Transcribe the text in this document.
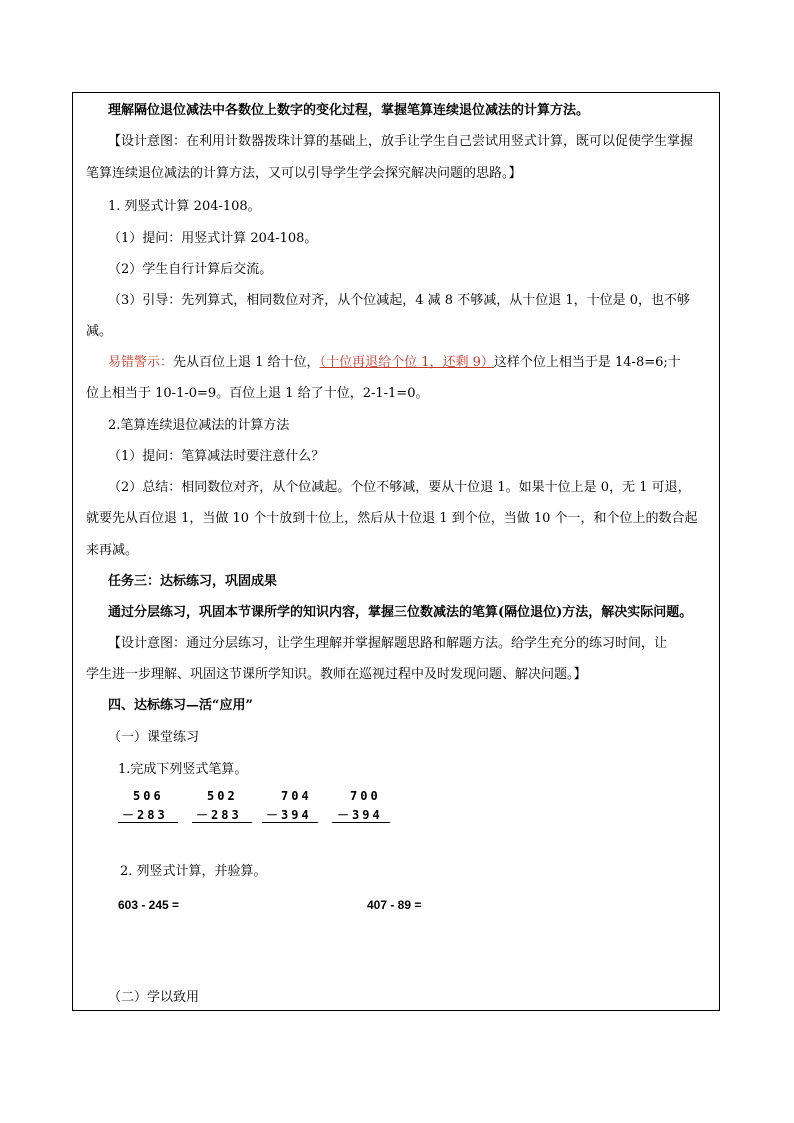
理解隔位退位减法中各数位上数字的变化过程，掌握笔算连续退位减法的计算方法。
【设计意图：在利用计数器拨珠计算的基础上，放手让学生自己尝试用竖式计算，既可以促使学生掌握
笔算连续退位减法的计算方法，又可以引导学生学会探究解决问题的思路。】
1. 列竖式计算 204-108。
（1）提问：用竖式计算 204-108。
（2）学生自行计算后交流。
（3）引导：先列算式，相同数位对齐，从个位减起，4 减 8 不够减，从十位退 1，十位是 0，也不够
减。
易错警示：先从百位上退 1 给十位，（十位再退给个位 1，还剩 9）这样个位上相当于是 14-8=6;十
位上相当于 10-1-0=9。百位上退 1 给了十位，2-1-1=0。
2.笔算连续退位减法的计算方法
（1）提问：笔算减法时要注意什么？
（2）总结：相同数位对齐，从个位减起。个位不够减，要从十位退 1。如果十位上是 0，无 1 可退，
就要先从百位退 1，当做 10 个十放到十位上，然后从十位退 1 到个位，当做 10 个一，和个位上的数合起
来再减。
任务三：达标练习，巩固成果
通过分层练习，巩固本节课所学的知识内容，掌握三位数减法的笔算(隔位退位)方法，解决实际问题。
【设计意图：通过分层练习，让学生理解并掌握解题思路和解题方法。给学生充分的练习时间，让
学生进一步理解、巩固这节课所学知识。教师在巡视过程中及时发现问题、解决问题。】
四、达标练习—活“应用”
（一）课堂练习
1.完成下列竖式笔算。
506
－283
502
－283
704
－394
700
－394
2. 列竖式计算，并验算。
603 - 245 =	407 - 89 =
（二）学以致用
